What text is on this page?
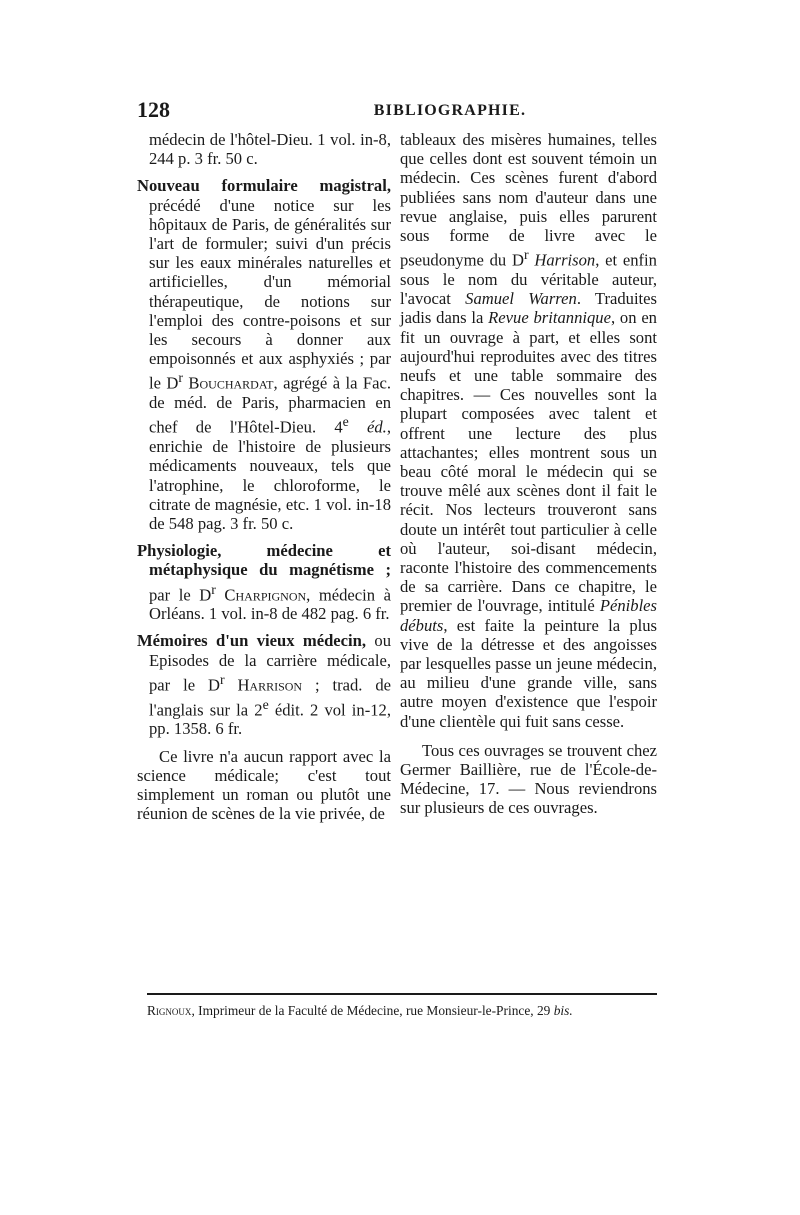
128	BIBLIOGRAPHIE.

médecin de l'hôtel-Dieu. 1 vol. in-8, 244 p. 3 fr. 50 c.

Nouveau formulaire magistral, précédé d'une notice sur les hôpitaux de Paris, de généralités sur l'art de formuler; suivi d'un précis sur les eaux minérales naturelles et artificielles, d'un mémorial thérapeutique, de notions sur l'emploi des contre-poisons et sur les secours à donner aux empoisonnés et aux asphyxiés ; par le $D^r$ Bouchardat, agrégé à la Fac. de méd. de Paris, pharmacien en chef de l'Hôtel-Dieu. 4e éd., enrichie de l'histoire de plusieurs médicaments nouveaux, tels que l'atrophine, le chloroforme, le citrate de magnésie, etc. 1 vol. in-18 de 548 pag. 3 fr. 50 c.

Physiologie, médecine et métaphysique du magnétisme ; par le $D^r$ Charpignon, médecin à Orléans. 1 vol. in-8 de 482 pag. 6 fr.

Mémoires d'un vieux médecin, ou Episodes de la carrière médicale, par le $D^r$ Harrison ; trad. de l'anglais sur la 2e édit. 2 vol in-12, pp. 1358. 6 fr.

Ce livre n'a aucun rapport avec la science médicale; c'est tout simplement un roman ou plutôt une réunion de scènes de la vie privée, de

tableaux des misères humaines, telles que celles dont est souvent témoin un médecin. Ces scènes furent d'abord publiées sans nom d'auteur dans une revue anglaise, puis elles parurent sous forme de livre avec le pseudonyme du $D^r$ Harrison, et enfin sous le nom du véritable auteur, l'avocat Samuel Warren. Traduites jadis dans la Revue britannique, on en fit un ouvrage à part, et elles sont aujourd'hui reproduites avec des titres neufs et une table sommaire des chapitres. — Ces nouvelles sont la plupart composées avec talent et offrent une lecture des plus attachantes; elles montrent sous un beau côté moral le médecin qui se trouve mêlé aux scènes dont il fait le récit. Nos lecteurs trouveront sans doute un intérêt tout particulier à celle où l'auteur, soi-disant médecin, raconte l'histoire des commencements de sa carrière. Dans ce chapitre, le premier de l'ouvrage, intitulé Pénibles débuts, est faite la peinture la plus vive de la détresse et des angoisses par lesquelles passe un jeune médecin, au milieu d'une grande ville, sans autre moyen d'existence que l'espoir d'une clientèle qui fuit sans cesse.

Tous ces ouvrages se trouvent chez Germer Baillière, rue de l'École-de-Médecine, 17. — Nous reviendrons sur plusieurs de ces ouvrages.

Rignoux, Imprimeur de la Faculté de Médecine, rue Monsieur-le-Prince, 29 bis.
